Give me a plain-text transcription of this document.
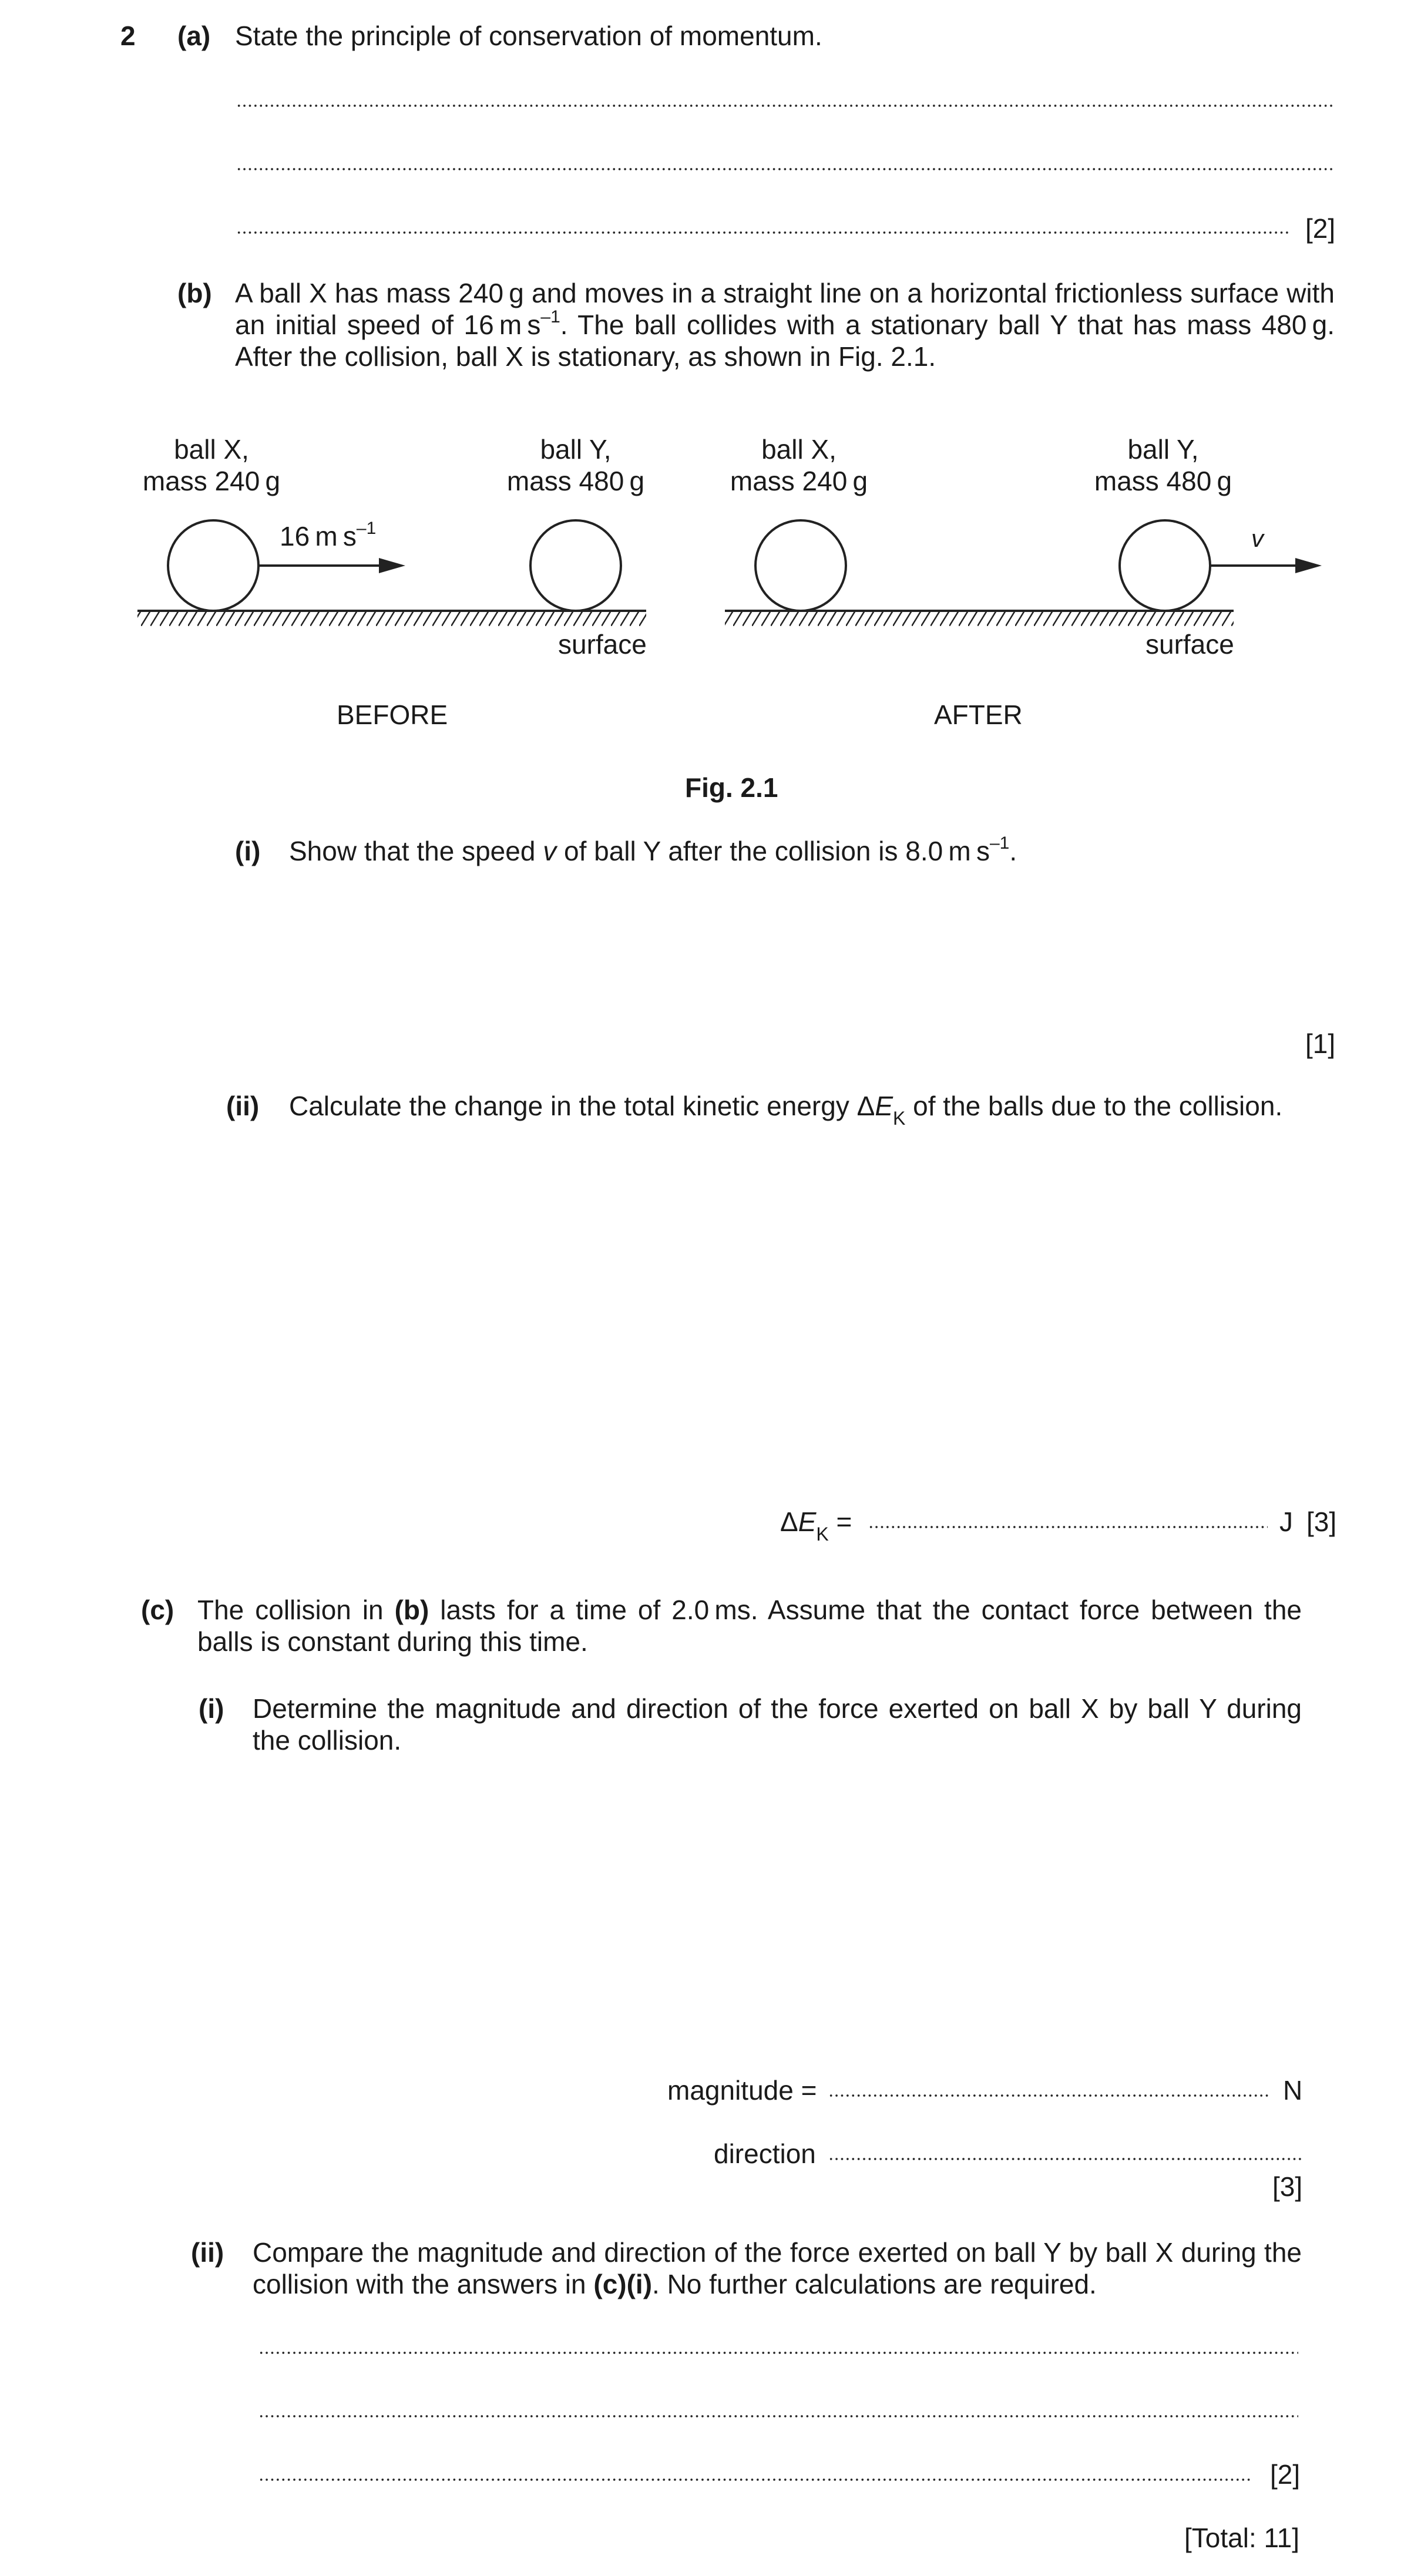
2 (a) State the principle of conservation of momentum.
[2]
(b) A ball X has mass 240 g and moves in a straight line on a horizontal frictionless surface with an initial speed of 16 m $s^{-1}$. The ball collides with a stationary ball Y that has mass 480 g. After the collision, ball X is stationary, as shown in Fig. 2.1.
ball X,
mass 240 g
ball Y,
mass 480 g
16 m $s^{-1}$
surface
BEFORE
ball X,
mass 240 g
ball Y,
mass 480 g
v
surface
AFTER
Fig. 2.1
(i) Show that the speed v of ball Y after the collision is 8.0 m $s^{-1}$.
[1]
(ii) Calculate the change in the total kinetic energy $\Delta E_K$ of the balls due to the collision.
$\Delta E_K$ =	J [3]
(c) The collision in (b) lasts for a time of 2.0 ms. Assume that the contact force between the balls is constant during this time.
(i) Determine the magnitude and direction of the force exerted on ball X by ball Y during the collision.
magnitude =	N
direction
[3]
(ii) Compare the magnitude and direction of the force exerted on ball Y by ball X during the collision with the answers in (c)(i). No further calculations are required.
[2]
[Total: 11]
